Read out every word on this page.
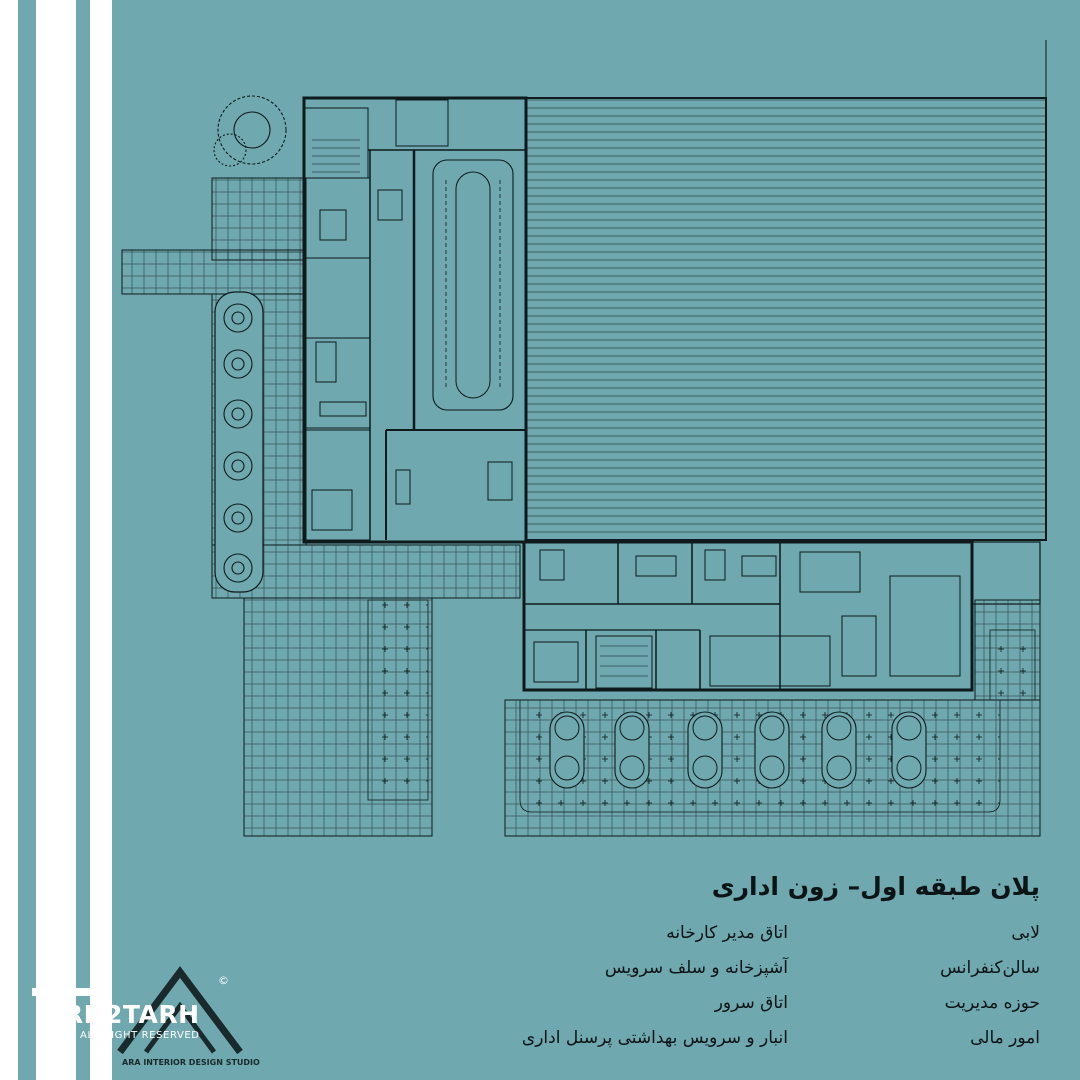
پلان طبقه اول– زون اداری
لابی
سالن‌کنفرانس
حوزه مدیریت
امور مالی
اتاق مدیر کارخانه
آشپزخانه و سلف سرویس
اتاق سرور
انبار و سرویس بهداشتی پرسنل اداری
ARH2TARH
ALL RIGHT RESERVED
ARA INTERIOR DESIGN STUDIO
©
